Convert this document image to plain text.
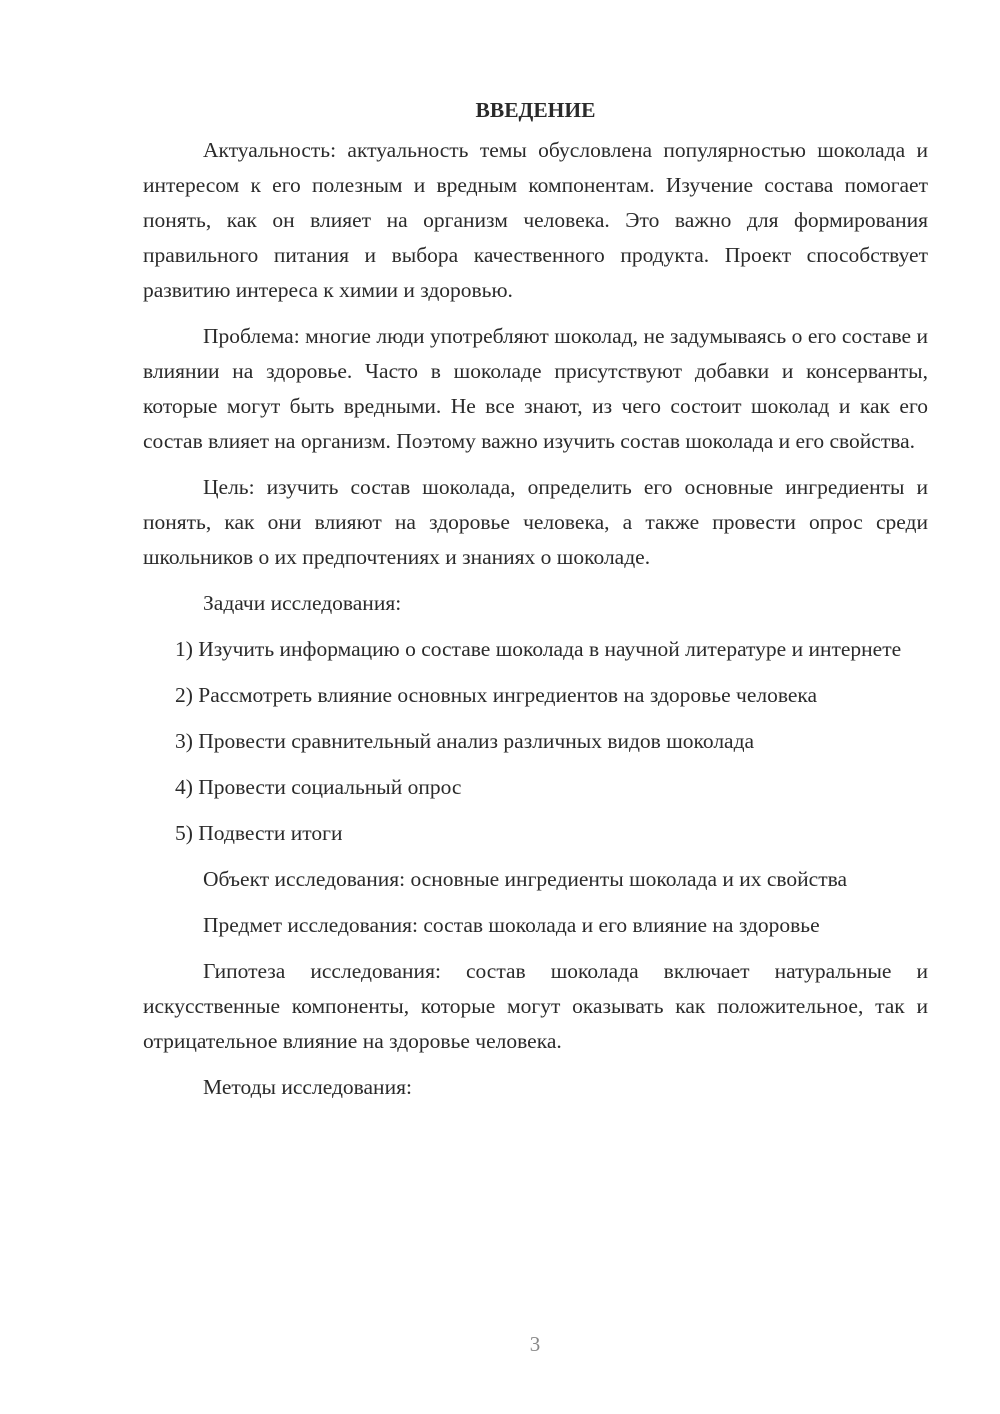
ВВЕДЕНИЕ

Актуальность: актуальность темы обусловлена популярностью шоколада и интересом к его полезным и вредным компонентам. Изучение состава помогает понять, как он влияет на организм человека. Это важно для формирования правильного питания и выбора качественного продукта. Проект способствует развитию интереса к химии и здоровью.

Проблема: многие люди употребляют шоколад, не задумываясь о его составе и влиянии на здоровье. Часто в шоколаде присутствуют добавки и консерванты, которые могут быть вредными. Не все знают, из чего состоит шоколад и как его состав влияет на организм. Поэтому важно изучить состав шоколада и его свойства.

Цель: изучить состав шоколада, определить его основные ингредиенты и понять, как они влияют на здоровье человека, а также провести опрос среди школьников о их предпочтениях и знаниях о шоколаде.

Задачи исследования:

1) Изучить информацию о составе шоколада в научной литературе и интернете

2) Рассмотреть влияние основных ингредиентов на здоровье человека

3) Провести сравнительный анализ различных видов шоколада

4) Провести социальный опрос

5) Подвести итоги

Объект исследования: основные ингредиенты шоколада и их свойства

Предмет исследования: состав шоколада и его влияние на здоровье

Гипотеза исследования: состав шоколада включает натуральные и искусственные компоненты, которые могут оказывать как положительное, так и отрицательное влияние на здоровье человека.

Методы исследования:

3
